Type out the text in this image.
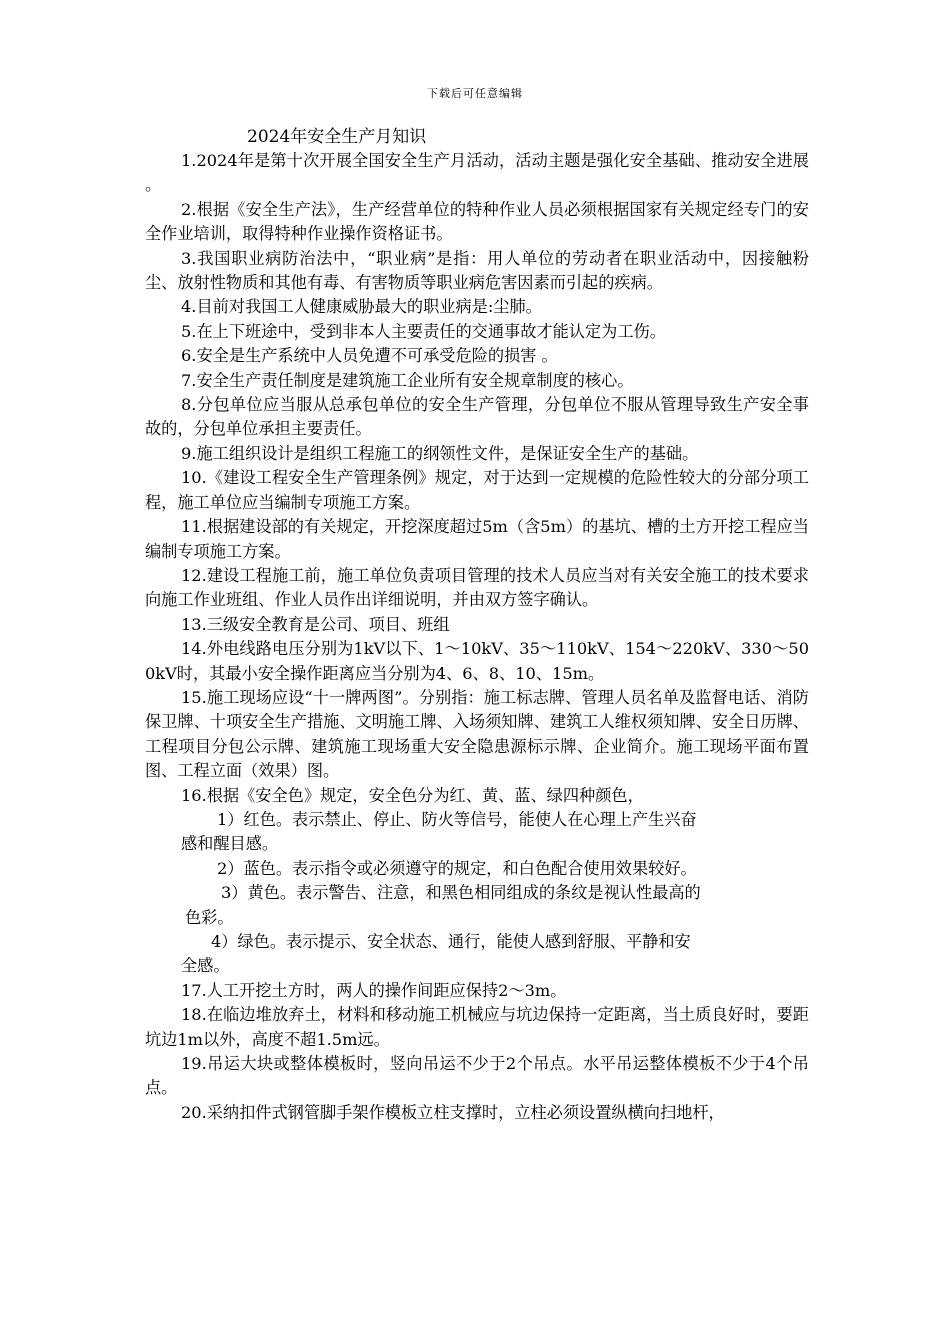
下载后可任意编辑
2024年安全生产月知识

1.2024年是第十次开展全国安全生产月活动，活动主题是强化安全基础、推动安全进展 。

2.根据《安全生产法》，生产经营单位的特种作业人员必须根据国家有关规定经专门的安全作业培训，取得特种作业操作资格证书。

3.我国职业病防治法中，“职业病”是指：用人单位的劳动者在职业活动中，因接触粉尘、放射性物质和其他有毒、有害物质等职业病危害因素而引起的疾病。

4.目前对我国工人健康威胁最大的职业病是:尘肺。

5.在上下班途中，受到非本人主要责任的交通事故才能认定为工伤。

6.安全是生产系统中人员免遭不可承受危险的损害 。

7.安全生产责任制度是建筑施工企业所有安全规章制度的核心。

8.分包单位应当服从总承包单位的安全生产管理，分包单位不服从管理导致生产安全事故的，分包单位承担主要责任。

9.施工组织设计是组织工程施工的纲领性文件，是保证安全生产的基础。

10.《建设工程安全生产管理条例》规定，对于达到一定规模的危险性较大的分部分项工程，施工单位应当编制专项施工方案。

11.根据建设部的有关规定，开挖深度超过5m（含5m）的基坑、槽的土方开挖工程应当编制专项施工方案。

12.建设工程施工前，施工单位负责项目管理的技术人员应当对有关安全施工的技术要求向施工作业班组、作业人员作出详细说明，并由双方签字确认。

13.三级安全教育是公司、项目、班组

14.外电线路电压分别为1kV以下、1～10kV、35～110kV、154～220kV、330～500kV时，其最小安全操作距离应当分别为4、6、8、10、15m。

15.施工现场应设“十一牌两图”。分别指：施工标志牌、管理人员名单及监督电话、消防保卫牌、十项安全生产措施、文明施工牌、入场须知牌、建筑工人维权须知牌、安全日历牌、工程项目分包公示牌、建筑施工现场重大安全隐患源标示牌、企业简介。施工现场平面布置图、工程立面（效果）图。

16.根据《安全色》规定，安全色分为红、黄、蓝、绿四种颜色，

1）红色。表示禁止、停止、防火等信号，能使人在心理上产生兴奋感和醒目感。

2）蓝色。表示指令或必须遵守的规定，和白色配合使用效果较好。

3）黄色。表示警告、注意，和黑色相同组成的条纹是视认性最高的色彩。

4）绿色。表示提示、安全状态、通行，能使人感到舒服、平静和安全感。

17.人工开挖土方时，两人的操作间距应保持2～3m。

18.在临边堆放弃土，材料和移动施工机械应与坑边保持一定距离，当土质良好时，要距坑边1m以外，高度不超1.5m远。

19.吊运大块或整体模板时，竖向吊运不少于2个吊点。水平吊运整体模板不少于4个吊点。

20.采纳扣件式钢管脚手架作模板立柱支撑时，立柱必须设置纵横向扫地杆，
